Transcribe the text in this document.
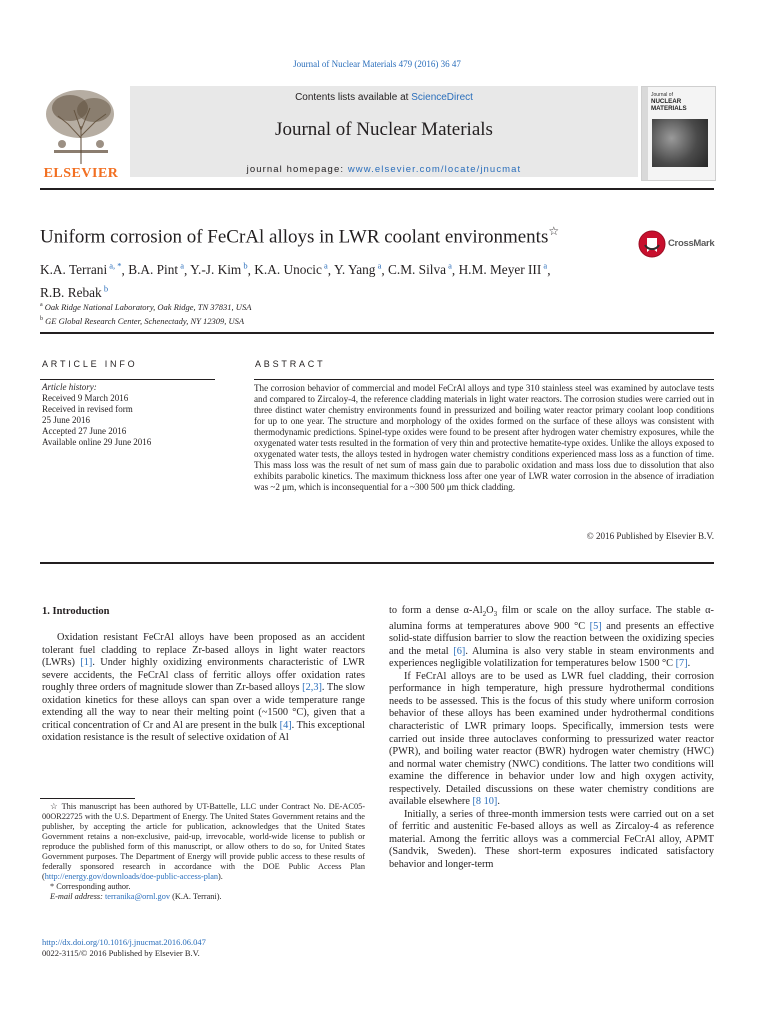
Journal of Nuclear Materials 479 (2016) 36 47
ELSEVIER
Contents lists available at ScienceDirect
Journal of Nuclear Materials
journal homepage: www.elsevier.com/locate/jnucmat
Journal of
NUCLEAR MATERIALS
Uniform corrosion of FeCrAl alloys in LWR coolant environments☆
CrossMark
K.A. Terrani $^{a, *}$, B.A. Pint $^a$, Y.-J. Kim $^b$, K.A. Unocic $^a$, Y. Yang $^a$, C.M. Silva $^a$, H.M. Meyer III $^a$,
R.B. Rebak $^b$
$^a$ Oak Ridge National Laboratory, Oak Ridge, TN 37831, USA
$^b$ GE Global Research Center, Schenectady, NY 12309, USA
ARTICLE INFO	ABSTRACT
Article history:
Received 9 March 2016
Received in revised form
25 June 2016
Accepted 27 June 2016
Available online 29 June 2016
The corrosion behavior of commercial and model FeCrAl alloys and type 310 stainless steel was examined by autoclave tests and compared to Zircaloy-4, the reference cladding materials in light water reactors. The corrosion studies were carried out in three distinct water chemistry environments found in pressurized and boiling water reactor primary coolant loop conditions for up to one year. The structure and morphology of the oxides formed on the surface of these alloys was consistent with thermodynamic predictions. Spinel-type oxides were found to be present after hydrogen water chemistry exposures, while the oxygenated water tests resulted in the formation of very thin and protective hematite-type oxides. Unlike the alloys exposed to oxygenated water tests, the alloys tested in hydrogen water chemistry conditions experienced mass loss as a function of time. This mass loss was the result of net sum of mass gain due to parabolic oxidation and mass loss due to dissolution that also exhibits parabolic kinetics. The maximum thickness loss after one year of LWR water corrosion in the absence of irradiation was ~2 μm, which is inconsequential for a ~300 500 μm thick cladding.
© 2016 Published by Elsevier B.V.
1. Introduction

Oxidation resistant FeCrAl alloys have been proposed as an accident tolerant fuel cladding to replace Zr-based alloys in light water reactors (LWRs) [1]. Under highly oxidizing environments characteristic of LWR severe accidents, the FeCrAl class of ferritic alloys offer oxidation rates roughly three orders of magnitude slower than Zr-based alloys [2,3]. The slow oxidation kinetics for these alloys can span over a wide temperature range extending all the way to near their melting point (~1500 °C), given that a critical concentration of Cr and Al are present in the bulk [4]. This exceptional oxidation resistance is the result of selective oxidation of Al

to form a dense $\alpha-Al_2O_3$ film or scale on the alloy surface. The stable α-alumina forms at temperatures above 900 °C [5] and presents an effective solid-state diffusion barrier to slow the reaction between the oxidizing species and the metal [6]. Alumina is also very stable in steam environments and experiences negligible volatilization for temperatures below 1500 °C [7].

If FeCrAl alloys are to be used as LWR fuel cladding, their corrosion performance in high temperature, high pressure hydrothermal conditions needs to be assessed. This is the focus of this study where uniform corrosion behavior of these alloys has been examined under hydrothermal conditions characteristic of LWR primary loops. Specifically, immersion tests were carried out inside three autoclaves conforming to pressurized water reactor (PWR), and boiling water reactor (BWR) hydrogen water chemistry (HWC) and normal water chemistry (NWC) conditions. The latter two conditions will examine the difference in behavior under low and high oxygen activity, respectively. Detailed discussions on these water chemistry conditions are available elsewhere [8 10].

Initially, a series of three-month immersion tests were carried out on a set of ferritic and austenitic Fe-based alloys as well as Zircaloy-4 as reference material. Among the ferritic alloys was a commercial FeCrAl alloy, APMT (Sandvik, Sweden). These short-term exposures indicated satisfactory behavior and longer-term

☆ This manuscript has been authored by UT-Battelle, LLC under Contract No. DE-AC05-00OR22725 with the U.S. Department of Energy. The United States Government retains and the publisher, by accepting the article for publication, acknowledges that the United States Government retains a non-exclusive, paid-up, irrevocable, world-wide license to publish or reproduce the published form of this manuscript, or allow others to do so, for United States Government purposes. The Department of Energy will provide public access to these results of federally sponsored research in accordance with the DOE Public Access Plan (http://energy.gov/downloads/doe-public-access-plan).

* Corresponding author.

E-mail address: terranika@ornl.gov (K.A. Terrani).

http://dx.doi.org/10.1016/j.jnucmat.2016.06.047
0022-3115/© 2016 Published by Elsevier B.V.
